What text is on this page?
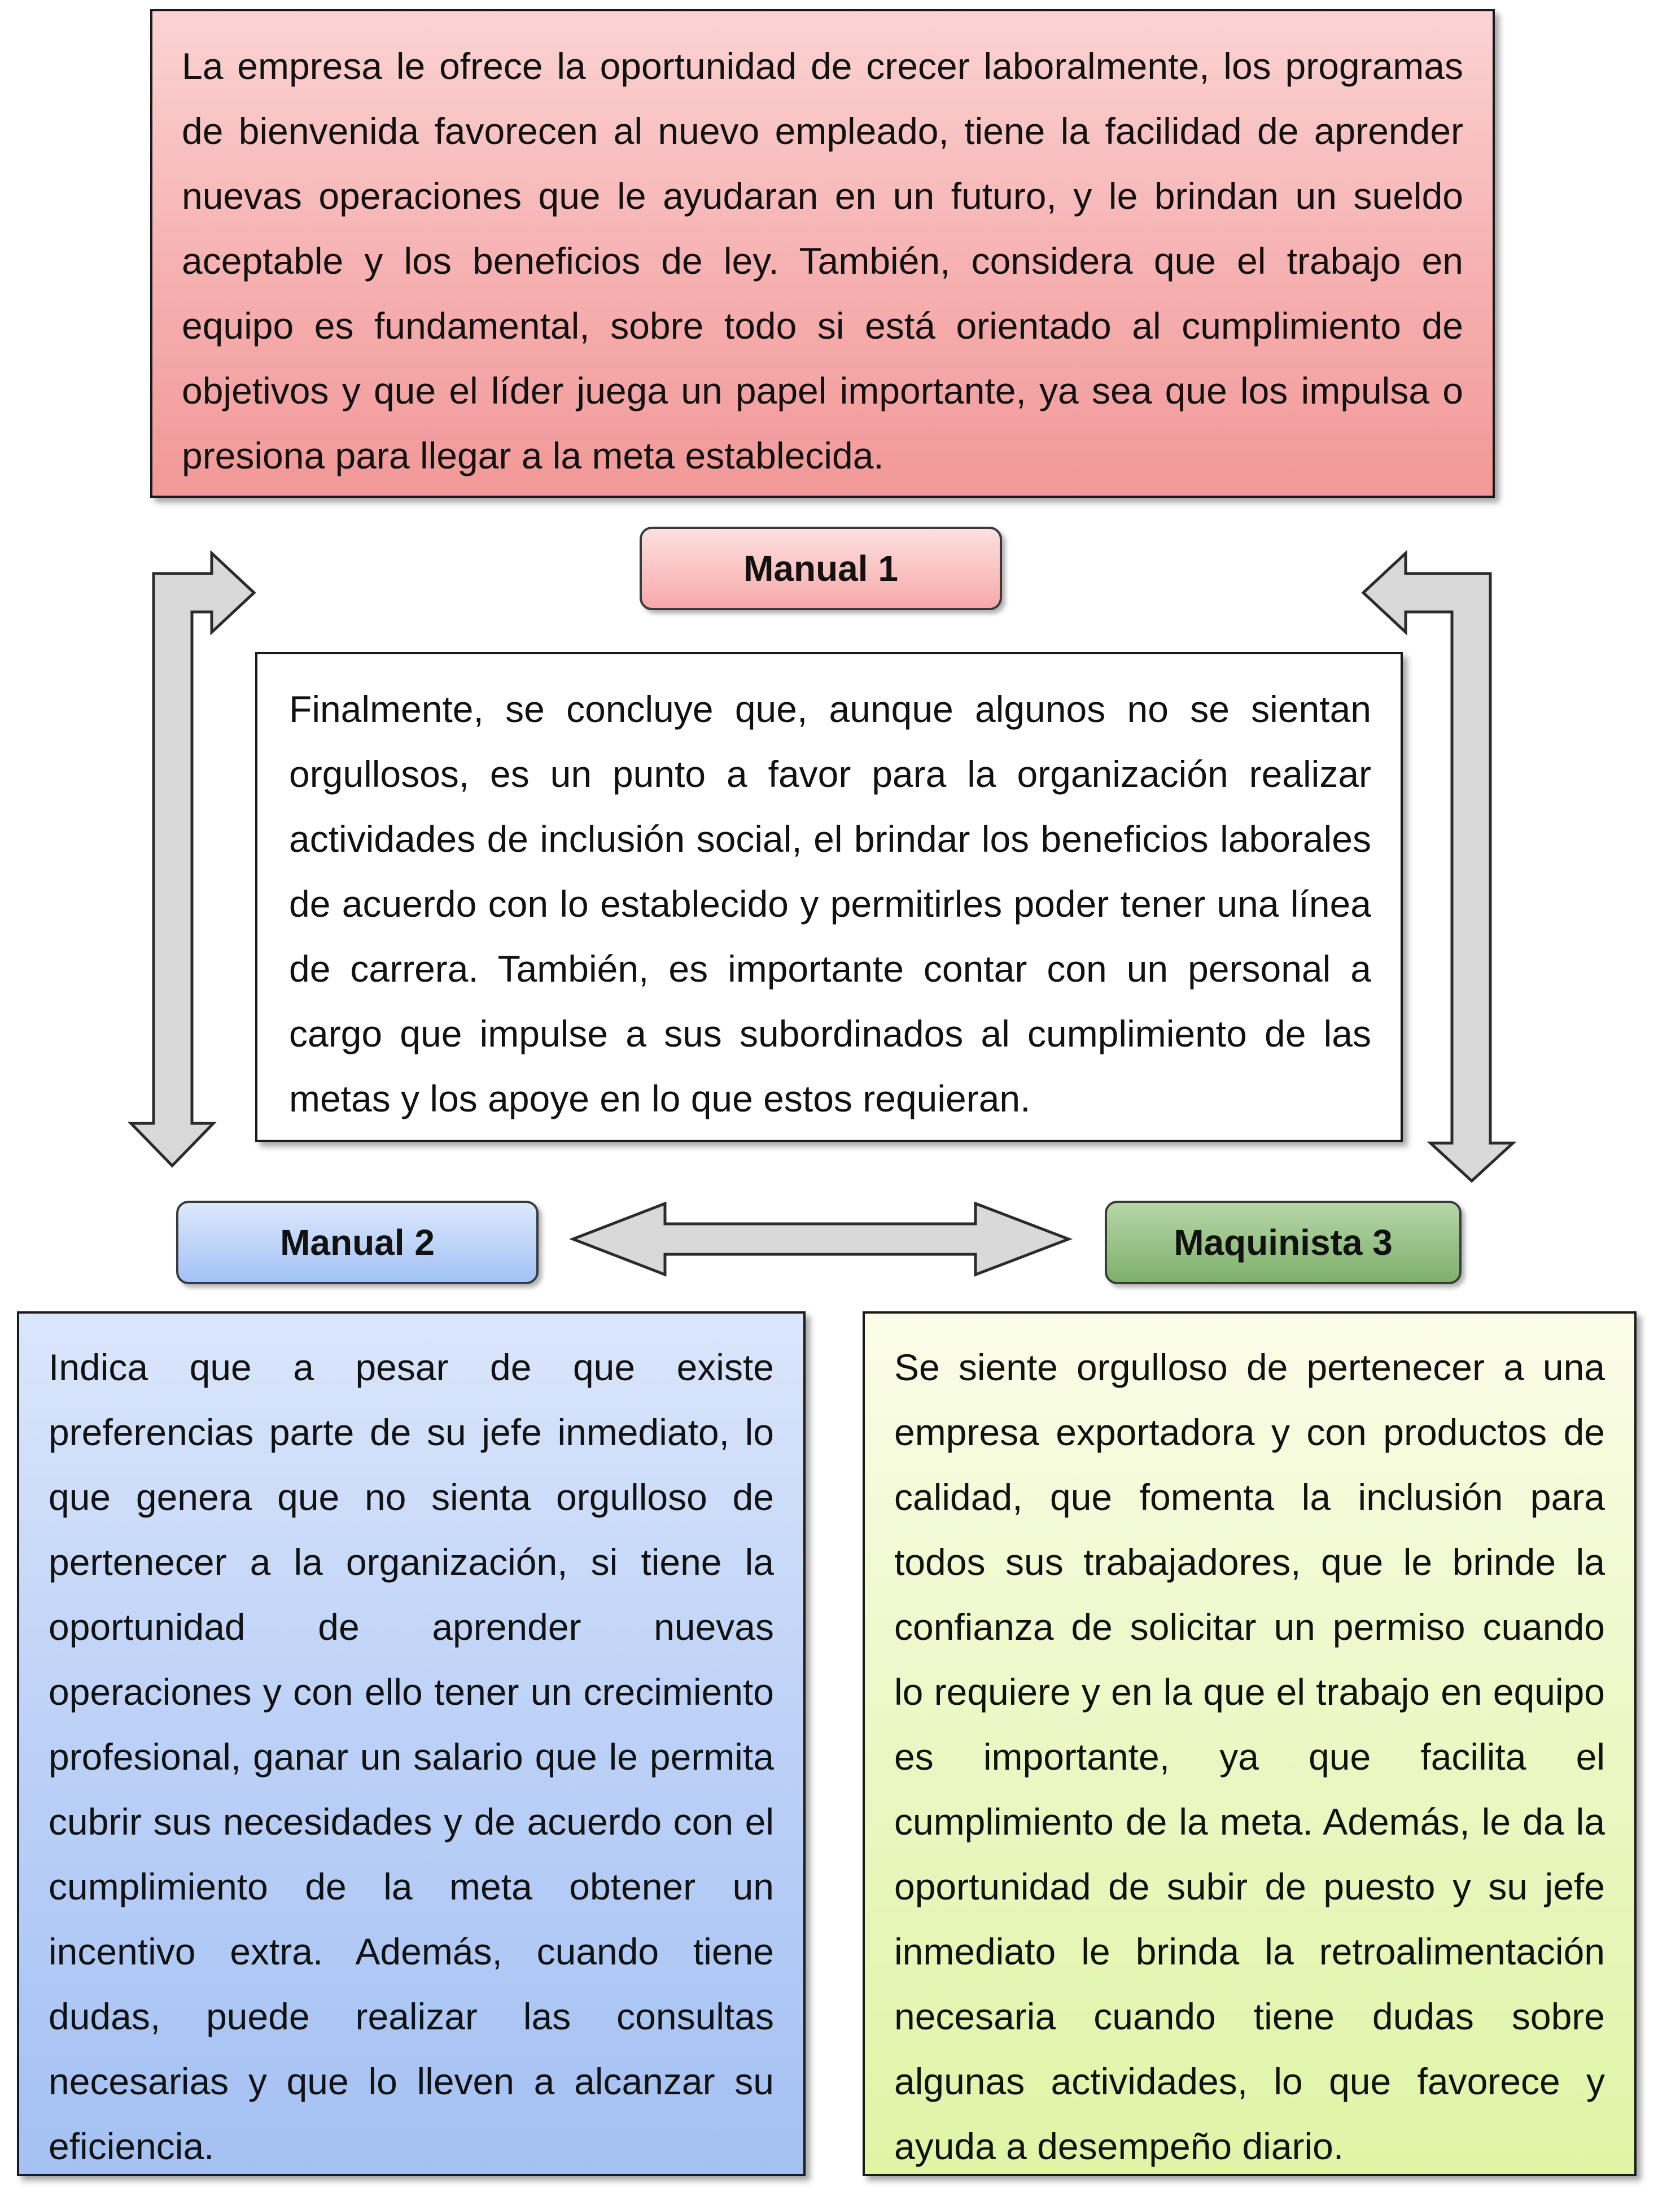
La empresa le ofrece la oportunidad de crecer laboralmente, los programas de bienvenida favorecen al nuevo empleado, tiene la facilidad de aprender nuevas operaciones que le ayudaran en un futuro, y le brindan un sueldo aceptable y los beneficios de ley. También, considera que el trabajo en equipo es fundamental, sobre todo si está orientado al cumplimiento de objetivos y que el líder juega un papel importante, ya sea que los impulsa o presiona para llegar a la meta establecida.

Manual 1

Finalmente, se concluye que, aunque algunos no se sientan orgullosos, es un punto a favor para la organización realizar actividades de inclusión social, el brindar los beneficios laborales de acuerdo con lo establecido y permitirles poder tener una línea de carrera. También, es importante contar con un personal a cargo que impulse a sus subordinados al cumplimiento de las metas y los apoye en lo que estos requieran.

Manual 2	Maquinista 3

Indica que a pesar de que existe preferencias parte de su jefe inmediato, lo que genera que no sienta orgulloso de pertenecer a la organización, si tiene la oportunidad de aprender nuevas operaciones y con ello tener un crecimiento profesional, ganar un salario que le permita cubrir sus necesidades y de acuerdo con el cumplimiento de la meta obtener un incentivo extra. Además, cuando tiene dudas, puede realizar las consultas necesarias y que lo lleven a alcanzar su eficiencia.

Se siente orgulloso de pertenecer a una empresa exportadora y con productos de calidad, que fomenta la inclusión para todos sus trabajadores, que le brinde la confianza de solicitar un permiso cuando lo requiere y en la que el trabajo en equipo es importante, ya que facilita el cumplimiento de la meta. Además, le da la oportunidad de subir de puesto y su jefe inmediato le brinda la retroalimentación necesaria cuando tiene dudas sobre algunas actividades, lo que favorece y ayuda a desempeño diario.
